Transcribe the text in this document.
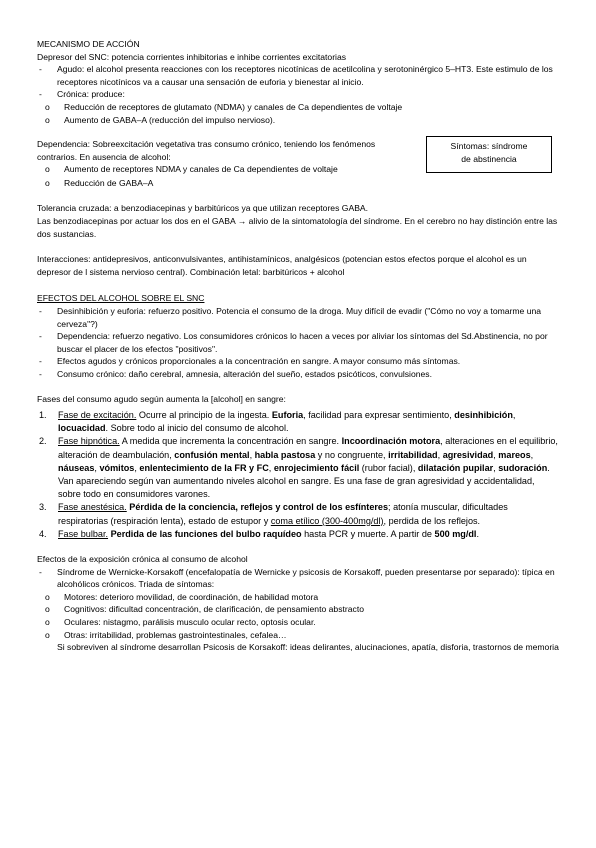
MECANISMO DE ACCIÓN

Depresor del SNC: potencia corrientes inhibitorias e inhibe corrientes excitatorias

- Agudo: el alcohol presenta reacciones con los receptores nicotínicas de acetilcolina y serotoninérgico 5–HT3. Este estimulo de los receptores nicotínicos va a causar una sensación de euforia y bienestar al inicio.
- Crónica: produce:
o Reducción de receptores de glutamato (NDMA) y canales de Ca dependientes de voltaje
o Aumento de GABA–A (reducción del impulso nervioso).

Dependencia: Sobreexcitación vegetativa tras consumo crónico, teniendo los fenómenos contrarios. En ausencia de alcohol:

o Aumento de receptores NDMA y canales de Ca dependientes de voltaje
o Reducción de GABA–A

Tolerancia cruzada: a benzodiacepinas y barbitúricos ya que utilizan receptores GABA.

Las benzodiacepinas por actuar los dos en el GABA → alivio de la sintomatología del síndrome. En el cerebro no hay distinción entre las dos sustancias.

Interacciones: antidepresivos, anticonvulsivantes, antihistamínicos, analgésicos (potencian estos efectos porque el alcohol es un depresor de l sistema nervioso central). Combinación letal: barbitúricos + alcohol

EFECTOS DEL ALCOHOL SOBRE EL SNC

- Desinhibición y euforia: refuerzo positivo. Potencia el consumo de la droga. Muy difícil de evadir ("Cómo no voy a tomarme una cerveza"?)
- Dependencia: refuerzo negativo. Los consumidores crónicos lo hacen a veces por aliviar los síntomas del Sd.Abstinencia, no por buscar el placer de los efectos "positivos".
- Efectos agudos y crónicos proporcionales a la concentración en sangre. A mayor consumo más síntomas.
- Consumo crónico: daño cerebral, amnesia, alteración del sueño, estados psicóticos, convulsiones.

Fases del consumo agudo según aumenta la [alcohol] en sangre:

1. Fase de excitación. Ocurre al principio de la ingesta. Euforia, facilidad para expresar sentimiento, desinhibición, locuacidad. Sobre todo al inicio del consumo de alcohol.
2. Fase hipnótica. A medida que incrementa la concentración en sangre. Incoordinación motora, alteraciones en el equilibrio, alteración de deambulación, confusión mental, habla pastosa y no congruente, irritabilidad, agresividad, mareos, náuseas, vómitos, enlentecimiento de la FR y FC, enrojecimiento fácil (rubor facial), dilatación pupilar, sudoración. Van apareciendo según van aumentando niveles alcohol en sangre. Es una fase de gran agresividad y accidentalidad, sobre todo en consumidores varones.
3. Fase anestésica. Pérdida de la conciencia, reflejos y control de los esfínteres; atonía muscular, dificultades respiratorias (respiración lenta), estado de estupor y coma etílico (300-400mg/dl), perdida de los reflejos.
4. Fase bulbar. Perdida de las funciones del bulbo raquídeo hasta PCR y muerte. A partir de 500 mg/dl.

Efectos de la exposición crónica al consumo de alcohol

- Síndrome de Wernicke-Korsakoff (encefalopatía de Wernicke y psicosis de Korsakoff, pueden presentarse por separado): típica en alcohólicos crónicos. Triada de síntomas:
o Motores: deterioro movilidad, de coordinación, de habilidad motora
o Cognitivos: dificultad concentración, de clarificación, de pensamiento abstracto
o Oculares: nistagmo, parálisis musculo ocular recto, optosis ocular.
o Otras: irritabilidad, problemas gastrointestinales, cefalea…

Si sobreviven al síndrome desarrollan Psicosis de Korsakoff: ideas delirantes, alucinaciones, apatía, disforia, trastornos de memoria

Síntomas: síndrome
de abstinencia
